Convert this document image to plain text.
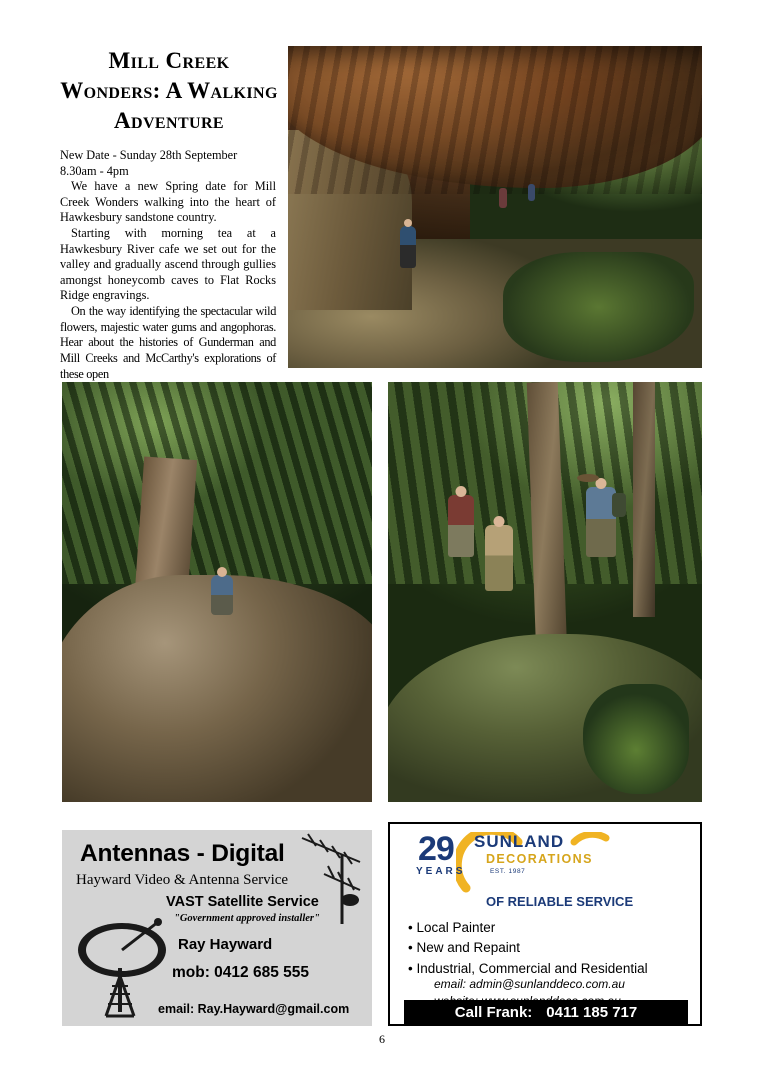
Mill Creek Wonders: A Walking Adventure

New Date - Sunday 28th September

8.30am - 4pm

We have a new Spring date for Mill Creek Wonders walking into the heart of Hawkesbury sandstone country.

Starting with morning tea at a Hawkesbury River cafe we set out for the valley and gradually ascend through gullies amongst honeycomb caves to Flat Rocks Ridge engravings.

On the way identifying the spectacular wild flowers, majestic water gums and angophoras. Hear about the histories of Gunderman and Mill Creeks and McCarthy's explorations of these open

Antennas - Digital
Hayward Video & Antenna Service
VAST Satellite Service
"Government approved installer"
Ray Hayward
mob: 0412 685 555
email: Ray.Hayward@gmail.com
29
YEARS
SUNLAND
DECORATIONS
EST. 1987
OF RELIABLE SERVICE
• Local Painter
• New and Repaint
• Industrial, Commercial and Residential
email: admin@sunlanddeco.com.au
Call Frank: 0411 185 717
6
